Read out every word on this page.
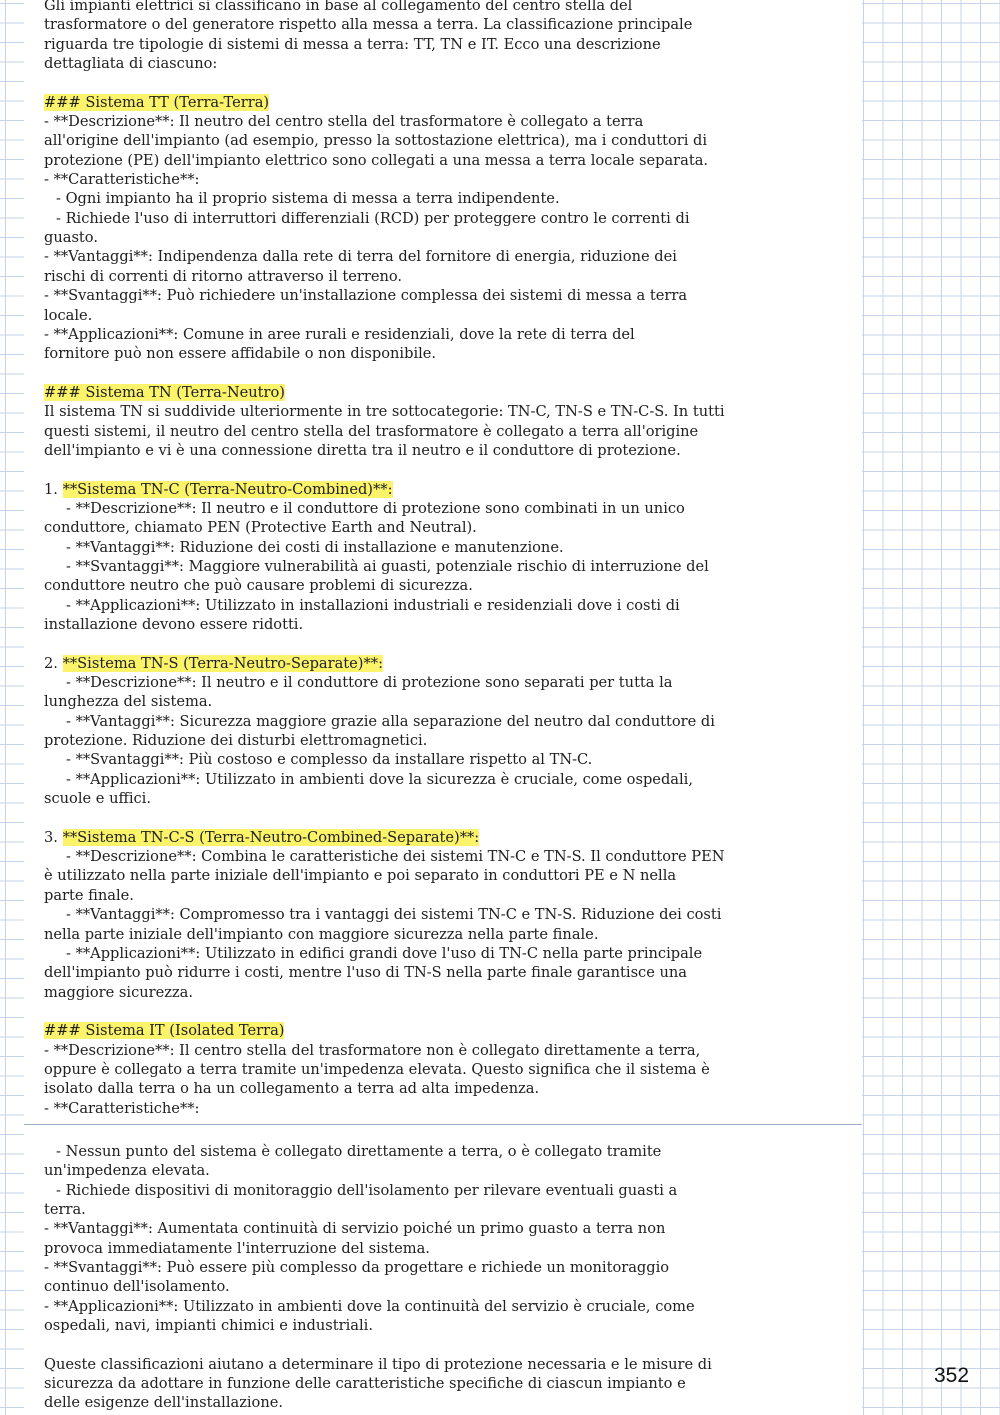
Gli impianti elettrici si classificano in base al collegamento del centro stella del

trasformatore o del generatore rispetto alla messa a terra. La classificazione principale

riguarda tre tipologie di sistemi di messa a terra: TT, TN e IT. Ecco una descrizione

dettagliata di ciascuno:

### Sistema TT (Terra-Terra)

- **Descrizione**: Il neutro del centro stella del trasformatore è collegato a terra

all'origine dell'impianto (ad esempio, presso la sottostazione elettrica), ma i conduttori di

protezione (PE) dell'impianto elettrico sono collegati a una messa a terra locale separata.

- **Caratteristiche**:

- Ogni impianto ha il proprio sistema di messa a terra indipendente.

- Richiede l'uso di interruttori differenziali (RCD) per proteggere contro le correnti di

guasto.

- **Vantaggi**: Indipendenza dalla rete di terra del fornitore di energia, riduzione dei

rischi di correnti di ritorno attraverso il terreno.

- **Svantaggi**: Può richiedere un'installazione complessa dei sistemi di messa a terra

locale.

- **Applicazioni**: Comune in aree rurali e residenziali, dove la rete di terra del

fornitore può non essere affidabile o non disponibile.

### Sistema TN (Terra-Neutro)

Il sistema TN si suddivide ulteriormente in tre sottocategorie: TN-C, TN-S e TN-C-S. In tutti

questi sistemi, il neutro del centro stella del trasformatore è collegato a terra all'origine

dell'impianto e vi è una connessione diretta tra il neutro e il conduttore di protezione.

1. **Sistema TN-C (Terra-Neutro-Combined)**:

- **Descrizione**: Il neutro e il conduttore di protezione sono combinati in un unico

conduttore, chiamato PEN (Protective Earth and Neutral).

- **Vantaggi**: Riduzione dei costi di installazione e manutenzione.

- **Svantaggi**: Maggiore vulnerabilità ai guasti, potenziale rischio di interruzione del

conduttore neutro che può causare problemi di sicurezza.

- **Applicazioni**: Utilizzato in installazioni industriali e residenziali dove i costi di

installazione devono essere ridotti.

2. **Sistema TN-S (Terra-Neutro-Separate)**:

- **Descrizione**: Il neutro e il conduttore di protezione sono separati per tutta la

lunghezza del sistema.

- **Vantaggi**: Sicurezza maggiore grazie alla separazione del neutro dal conduttore di

protezione. Riduzione dei disturbi elettromagnetici.

- **Svantaggi**: Più costoso e complesso da installare rispetto al TN-C.

- **Applicazioni**: Utilizzato in ambienti dove la sicurezza è cruciale, come ospedali,

scuole e uffici.

3. **Sistema TN-C-S (Terra-Neutro-Combined-Separate)**:

- **Descrizione**: Combina le caratteristiche dei sistemi TN-C e TN-S. Il conduttore PEN

è utilizzato nella parte iniziale dell'impianto e poi separato in conduttori PE e N nella

parte finale.

- **Vantaggi**: Compromesso tra i vantaggi dei sistemi TN-C e TN-S. Riduzione dei costi

nella parte iniziale dell'impianto con maggiore sicurezza nella parte finale.

- **Applicazioni**: Utilizzato in edifici grandi dove l'uso di TN-C nella parte principale

dell'impianto può ridurre i costi, mentre l'uso di TN-S nella parte finale garantisce una

maggiore sicurezza.

### Sistema IT (Isolated Terra)

- **Descrizione**: Il centro stella del trasformatore non è collegato direttamente a terra,

oppure è collegato a terra tramite un'impedenza elevata. Questo significa che il sistema è

isolato dalla terra o ha un collegamento a terra ad alta impedenza.

- **Caratteristiche**:

- Nessun punto del sistema è collegato direttamente a terra, o è collegato tramite

un'impedenza elevata.

- Richiede dispositivi di monitoraggio dell'isolamento per rilevare eventuali guasti a

terra.

- **Vantaggi**: Aumentata continuità di servizio poiché un primo guasto a terra non

provoca immediatamente l'interruzione del sistema.

- **Svantaggi**: Può essere più complesso da progettare e richiede un monitoraggio

continuo dell'isolamento.

- **Applicazioni**: Utilizzato in ambienti dove la continuità del servizio è cruciale, come

ospedali, navi, impianti chimici e industriali.

Queste classificazioni aiutano a determinare il tipo di protezione necessaria e le misure di

sicurezza da adottare in funzione delle caratteristiche specifiche di ciascun impianto e

delle esigenze dell'installazione.

352
